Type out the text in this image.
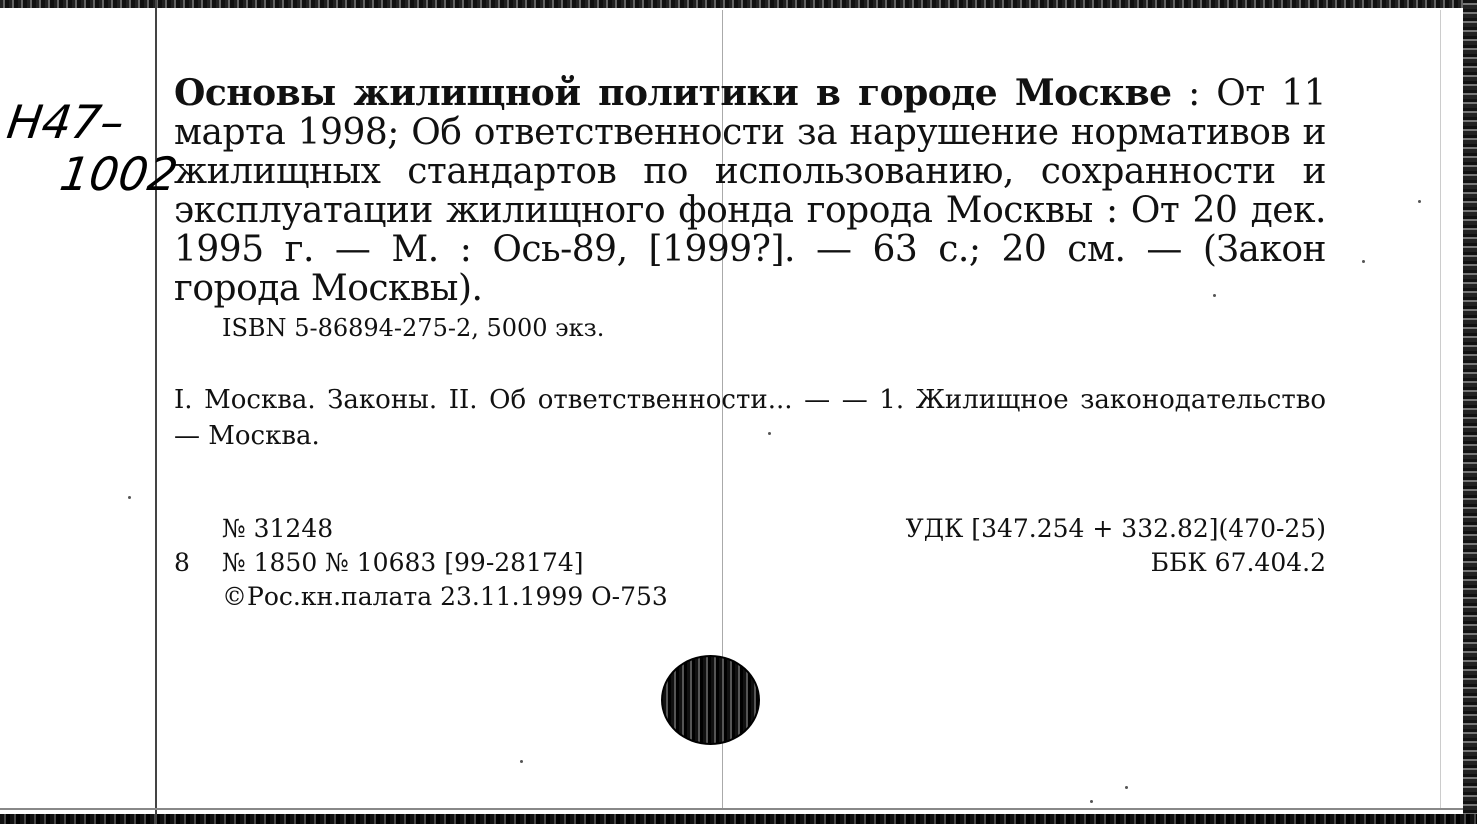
H47–
1002
Основы жилищной политики в городе Москве : От 11 марта 1998; Об ответственности за нарушение нормативов и жилищных стандартов по использованию, сохранности и эксплуатации жилищного фонда города Москвы : От 20 дек. 1995 г. — М. : Ось-89, [1999?]. — 63 с.; 20 см. — (Закон города Москвы).
ISBN 5-86894-275-2, 5000 экз.
I. Москва. Законы. II. Об ответственности... — — 1. Жилищное законодательство — Москва.
№ 31248
8 № 1850 № 10683 [99-28174]
©Рос.кн.палата 23.11.1999 О-753
УДК [347.254 + 332.82](470-25)
ББК 67.404.2
